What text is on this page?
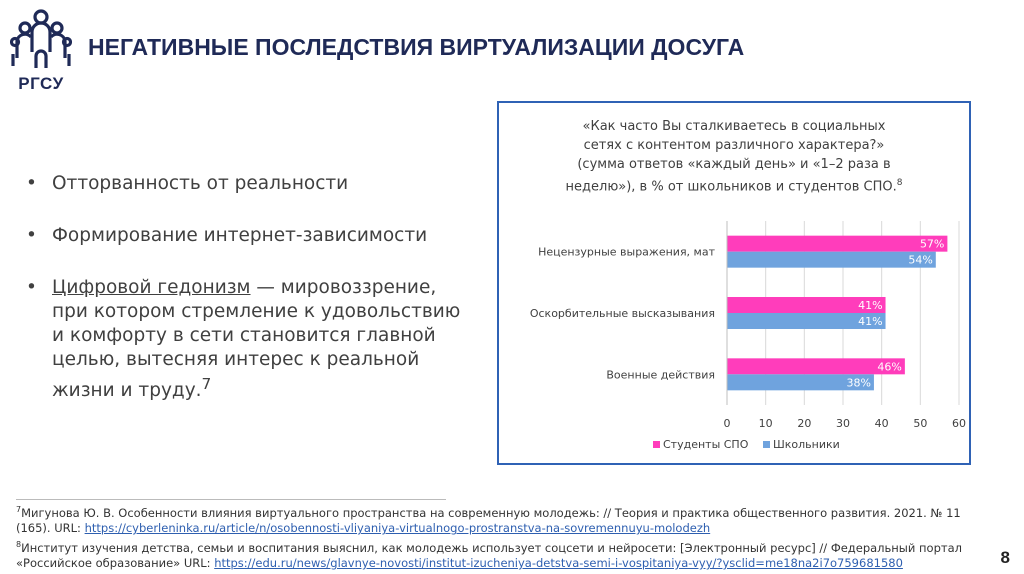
РГСУ
НЕГАТИВНЫЕ ПОСЛЕДСТВИЯ ВИРТУАЛИЗАЦИИ ДОСУГА
• Отторванность от реальности
• Формирование интернет-зависимости
• Цифровой гедонизм — мировоззрение, при котором стремление к удовольствию и комфорту в сети становится главной целью, вытесняя интерес к реальной жизни и труду.$^7$
«Как часто Вы сталкиваетесь в социальных
сетях с контентом различного характера?»
(сумма ответов «каждый день» и «1–2 раза в
неделю»), в % от школьников и студентов СПО.$^8$
0	10 20 30 40 50 60
Нецензурные выражения, мат
57%
54%
Оскорбительные высказывания
41%
41%
Военные действия
46%
38%
Студенты СПО Школьники
$^7$Мигунова Ю. В. Особенности влияния виртуального пространства на современную молодежь: // Теория и практика общественного развития. 2021. № 11 (165). URL: https://cyberleninka.ru/article/n/osobennosti-vliyaniya-virtualnogo-prostranstva-na-sovremennuyu-molodezh
$^8$Институт изучения детства, семьи и воспитания выяснил, как молодежь использует соцсети и нейросети: [Электронный ресурс] // Федеральный портал «Российское образование» URL: https://edu.ru/news/glavnye-novosti/institut-izucheniya-detstva-semi-i-vospitaniya-vyy/?ysclid=me18na2i7o759681580	8
